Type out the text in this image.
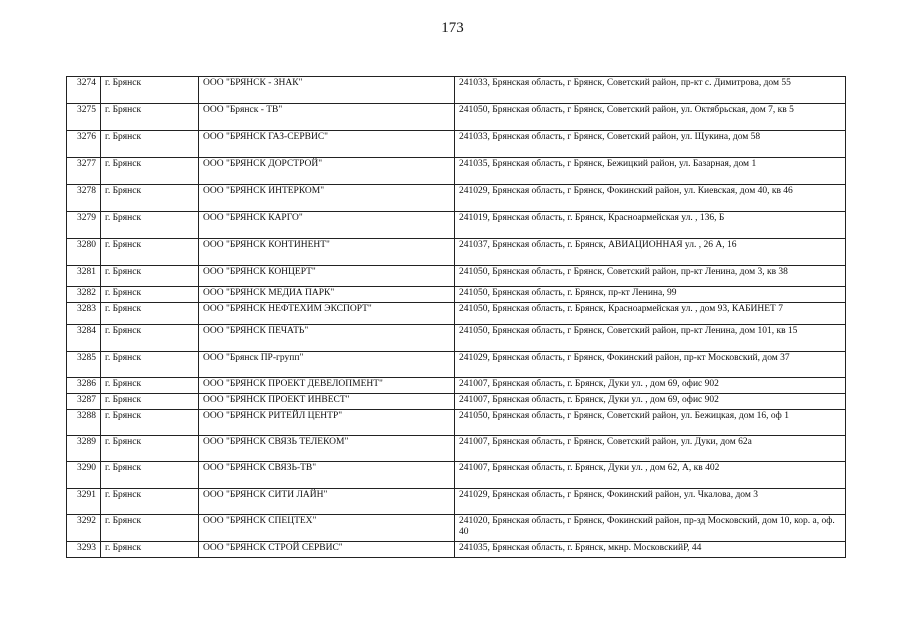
173
3274	г. Брянск	ООО "БРЯНСК - ЗНАК"	241033, Брянская область, г Брянск, Советский район, пр-кт с. Димитрова, дом 55
3275	г. Брянск	ООО "Брянск - ТВ"	241050, Брянская область, г Брянск, Советский район, ул. Октябрьская, дом 7, кв 5
3276	г. Брянск	ООО "БРЯНСК ГАЗ-СЕРВИС"	241033, Брянская область, г Брянск, Советский район, ул. Щукина, дом 58
3277	г. Брянск	ООО "БРЯНСК ДОРСТРОЙ"	241035, Брянская область, г Брянск, Бежицкий район, ул. Базарная, дом 1
3278	г. Брянск	ООО "БРЯНСК ИНТЕРКОМ"	241029, Брянская область, г Брянск, Фокинский район, ул. Киевская, дом 40, кв 46
3279	г. Брянск	ООО "БРЯНСК КАРГО"	241019, Брянская область, г. Брянск, Красноармейская ул. , 136, Б
3280	г. Брянск	ООО "БРЯНСК КОНТИНЕНТ"	241037, Брянская область, г. Брянск, АВИАЦИОННАЯ ул. , 26 А, 16
3281	г. Брянск	ООО "БРЯНСК КОНЦЕРТ"	241050, Брянская область, г Брянск, Советский район, пр-кт Ленина, дом 3, кв 38
3282	г. Брянск	ООО "БРЯНСК МЕДИА ПАРК"	241050, Брянская область, г. Брянск, пр-кт Ленина, 99
3283	г. Брянск	ООО "БРЯНСК НЕФТЕХИМ ЭКСПОРТ"	241050, Брянская область, г. Брянск, Красноармейская ул. , дом 93, КАБИНЕТ 7
3284	г. Брянск	ООО "БРЯНСК ПЕЧАТЬ"	241050, Брянская область, г Брянск, Советский район, пр-кт Ленина, дом 101, кв 15
3285	г. Брянск	ООО "Брянск ПР-групп"	241029, Брянская область, г Брянск, Фокинский район, пр-кт Московский, дом 37
3286	г. Брянск	ООО "БРЯНСК ПРОЕКТ ДЕВЕЛОПМЕНТ"	241007, Брянская область, г. Брянск, Дуки ул. , дом 69, офис 902
3287	г. Брянск	ООО "БРЯНСК ПРОЕКТ ИНВЕСТ"	241007, Брянская область, г. Брянск, Дуки ул. , дом 69, офис 902
3288	г. Брянск	ООО "БРЯНСК РИТЕЙЛ ЦЕНТР"	241050, Брянская область, г Брянск, Советский район, ул. Бежицкая, дом 16, оф 1
3289	г. Брянск	ООО "БРЯНСК СВЯЗЬ ТЕЛЕКОМ"	241007, Брянская область, г Брянск, Советский район, ул. Дуки, дом 62а
3290	г. Брянск	ООО "БРЯНСК СВЯЗЬ-ТВ"	241007, Брянская область, г. Брянск, Дуки ул. , дом 62, А, кв 402
3291	г. Брянск	ООО "БРЯНСК СИТИ ЛАЙН"	241029, Брянская область, г Брянск, Фокинский район, ул. Чкалова, дом 3
3292	г. Брянск	ООО "БРЯНСК СПЕЦТЕХ"	241020, Брянская область, г Брянск, Фокинский район, пр-зд Московский, дом 10, кор. а, оф. 40
3293	г. Брянск	ООО "БРЯНСК СТРОЙ СЕРВИС"	241035, Брянская область, г. Брянск, мкнр. МосковскийР, 44
